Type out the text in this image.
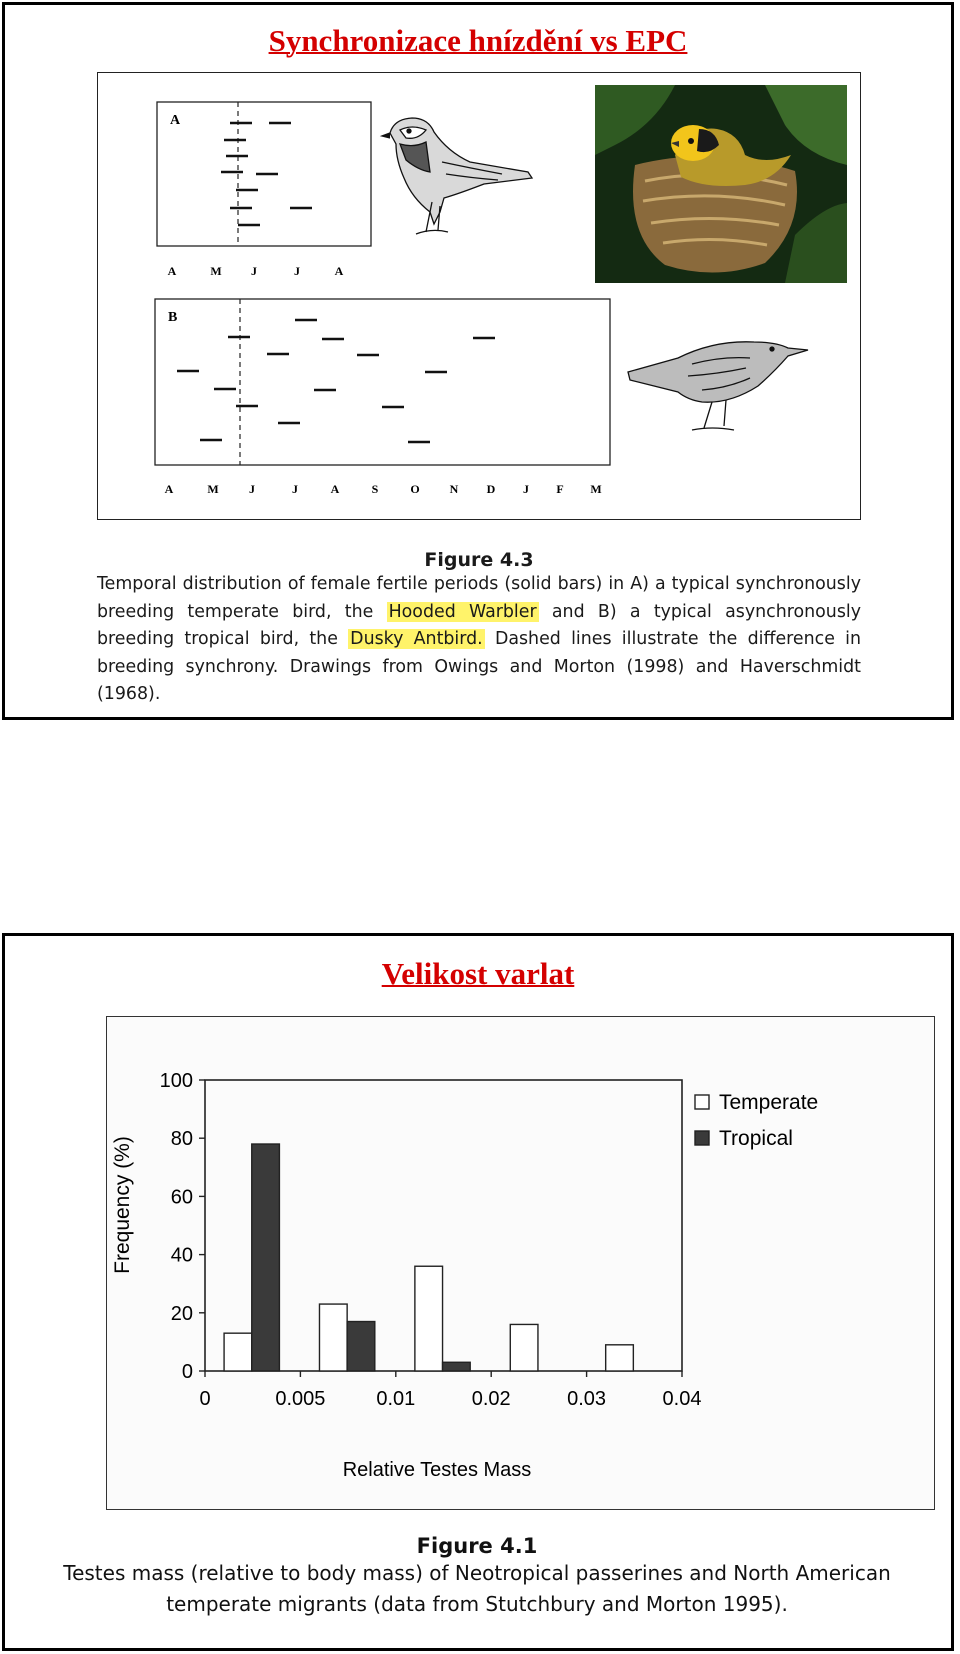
Synchronizace hnízdění vs EPC
A
A	M J	J	A
B
A	M	J	J	A	S	O N D J F M
Figure 4.3
Temporal distribution of female fertile periods (solid bars) in A) a typical synchronously breeding temperate bird, the Hooded Warbler and B) a typical asynchronously breeding tropical bird, the Dusky Antbird. Dashed lines illustrate the difference in breeding synchrony. Drawings from Owings and Morton (1998) and Haverschmidt (1968).
Velikost varlat
0
20
40
60
80
100
0	0.005	0.01	0.02	0.03	0.04
Frequency (%)
Relative Testes Mass
Temperate
Tropical
Figure 4.1
Testes mass (relative to body mass) of Neotropical passerines and North American
temperate migrants (data from Stutchbury and Morton 1995).
